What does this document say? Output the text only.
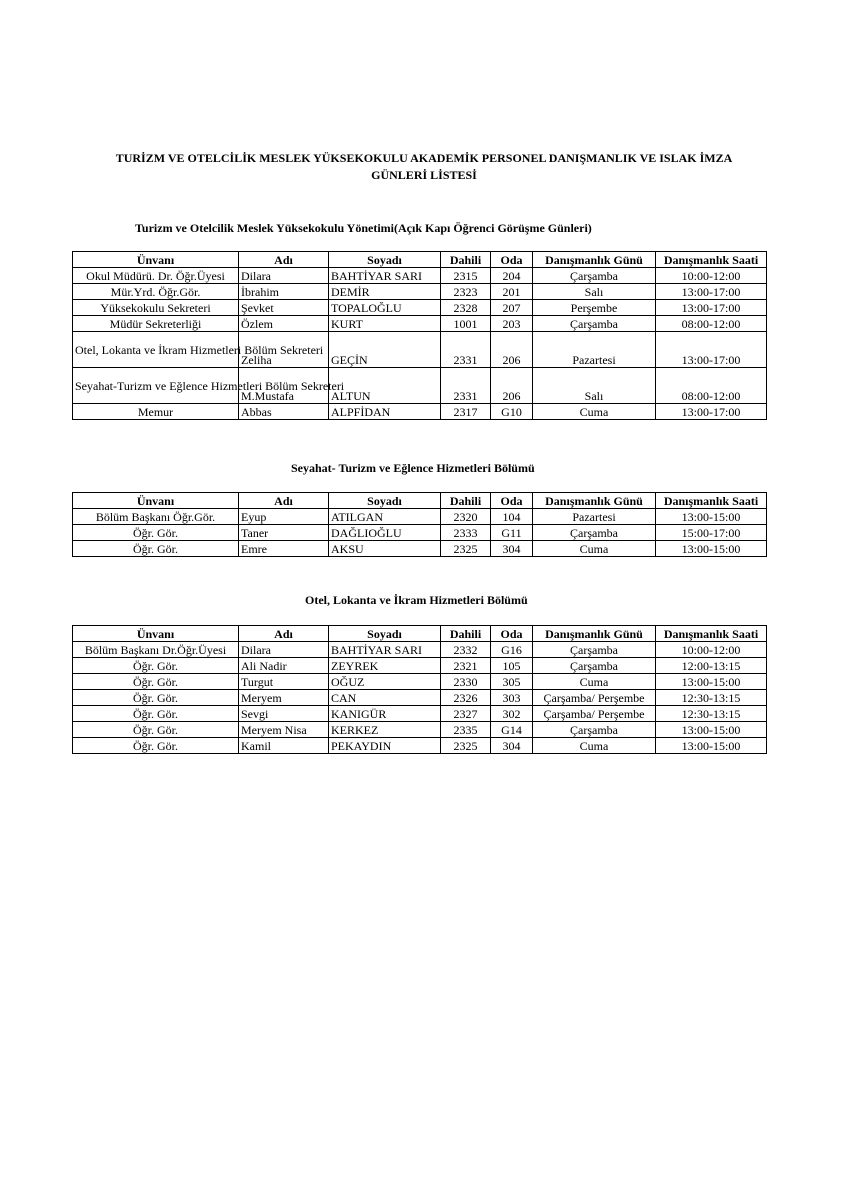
TURİZM VE OTELCİLİK MESLEK YÜKSEKOKULU AKADEMİK PERSONEL DANIŞMANLIK VE ISLAK İMZA
GÜNLERİ LİSTESİ
Turizm ve Otelcilik Meslek Yüksekokulu Yönetimi(Açık Kapı Öğrenci Görüşme Günleri)
Ünvanı	Adı	Soyadı	Dahili	Oda	Danışmanlık Günü	Danışmanlık Saati
Okul Müdürü. Dr. Öğr.Üyesi	Dilara	BAHTİYAR SARI	2315	204	Çarşamba	10:00-12:00
Mür.Yrd. Öğr.Gör.	İbrahim	DEMİR	2323	201	Salı	13:00-17:00
Yüksekokulu Sekreteri	Şevket	TOPALOĞLU	2328	207	Perşembe	13:00-17:00
Müdür Sekreterliği	Özlem	KURT	1001	203	Çarşamba	08:00-12:00
Otel, Lokanta ve İkram Hizmetleri Bölüm Sekreteri	Zeliha	GEÇİN	2331	206	Pazartesi	13:00-17:00
Seyahat-Turizm ve Eğlence Hizmetleri Bölüm Sekreteri	M.Mustafa	ALTUN	2331	206	Salı	08:00-12:00
Memur	Abbas	ALPFİDAN	2317	G10	Cuma	13:00-17:00
Seyahat- Turizm ve Eğlence Hizmetleri Bölümü
Ünvanı	Adı	Soyadı	Dahili	Oda	Danışmanlık Günü	Danışmanlık Saati
Bölüm Başkanı Öğr.Gör.	Eyup	ATILGAN	2320	104	Pazartesi	13:00-15:00
Öğr. Gör.	Taner	DAĞLIOĞLU	2333	G11	Çarşamba	15:00-17:00
Öğr. Gör.	Emre	AKSU	2325	304	Cuma	13:00-15:00
Otel, Lokanta ve İkram Hizmetleri Bölümü
Ünvanı	Adı	Soyadı	Dahili	Oda	Danışmanlık Günü	Danışmanlık Saati
Bölüm Başkanı Dr.Öğr.Üyesi	Dilara	BAHTİYAR SARI	2332	G16	Çarşamba	10:00-12:00
Öğr. Gör.	Ali Nadir	ZEYREK	2321	105	Çarşamba	12:00-13:15
Öğr. Gör.	Turgut	OĞUZ	2330	305	Cuma	13:00-15:00
Öğr. Gör.	Meryem	CAN	2326	303	Çarşamba/ Perşembe	12:30-13:15
Öğr. Gör.	Sevgi	KANIGÜR	2327	302	Çarşamba/ Perşembe	12:30-13:15
Öğr. Gör.	Meryem Nisa	KERKEZ	2335	G14	Çarşamba	13:00-15:00
Öğr. Gör.	Kamil	PEKAYDIN	2325	304	Cuma	13:00-15:00
